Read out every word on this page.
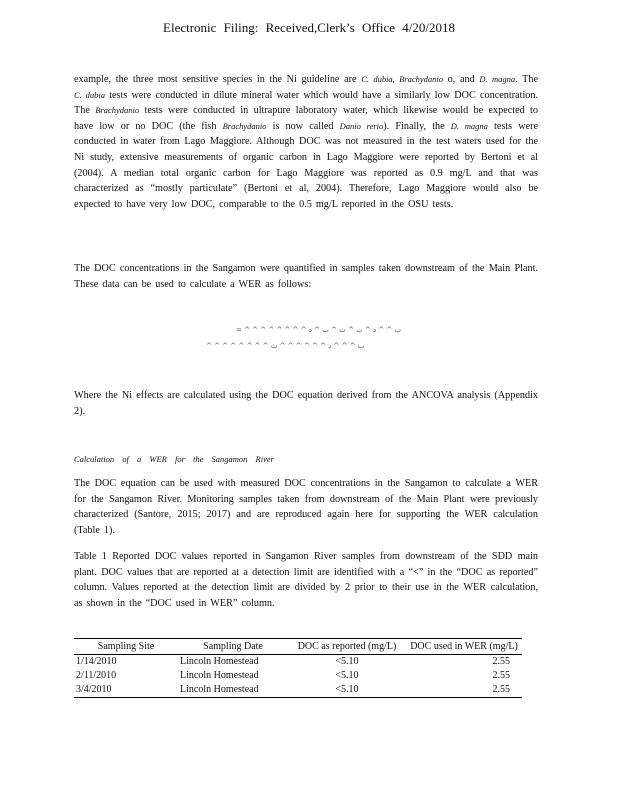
Electronic Filing: Received,Clerk’s Office 4/20/2018
example, the three most sensitive species in the Ni guideline are C. dubia, Brachydanio o, and D. magna. The C. dubia tests were conducted in dilute mineral water which would have a similarly low DOC concentration. The Brachydanio tests were conducted in ultrapure laboratory water, which likewise would be expected to have low or no DOC (the fish Brachydanio is now called Danio rerio). Finally, the D. magna tests were conducted in water from Lago Maggiore. Although DOC was not measured in the test waters used for the Ni study, extensive measurements of organic carbon in Lago Maggiore were reported by Bertoni et al (2004). A median total organic carbon for Lago Maggiore was reported as 0.9 mg/L and that was characterized as “mostly particulate” (Bertoni et al, 2004). Therefore, Lago Maggiore would also be expected to have very low DOC, comparable to the 0.5 mg/L reported in the OSU tests.
The DOC concentrations in the Sangamon were quantified in samples taken downstream of the Main Plant. These data can be used to calculate a WER as follows:
= ^ ^ ^ ^ ^ ^ ^ ^ ب ^ ^ د ^ ب ^ ث ^ ب ^ د
^ ^ ^ ^ ^ ^ ^ ^ ب ^ ^ ^ د ^ ^ ^ ^ ^ ^ ث
Where the Ni effects are calculated using the DOC equation derived from the ANCOVA analysis (Appendix 2).
Calculation of a WER for the Sangamon River
The DOC equation can be used with measured DOC concentrations in the Sangamon to calculate a WER for the Sangamon River. Monitoring samples taken from downstream of the Main Plant were previously characterized (Santore, 2015; 2017) and are reproduced again here for supporting the WER calculation (Table 1).
Table 1 Reported DOC values reported in Sangamon River samples from downstream of the SDD main plant. DOC values that are reported at a detection limit are identified with a “<” in the “DOC as reported” column. Values reported at the detection limit are divided by 2 prior to their use in the WER calculation, as shown in the “DOC used in WER” column.
Sampling Site	Sampling Date	DOC as reported (mg/L)	DOC used in WER (mg/L)
1/14/2010	Lincoln Homestead	<5.10	2.55
2/11/2010	Lincoln Homestead	<5.10	2.55
3/4/2010	Lincoln Homestead	<5.10	2.55
